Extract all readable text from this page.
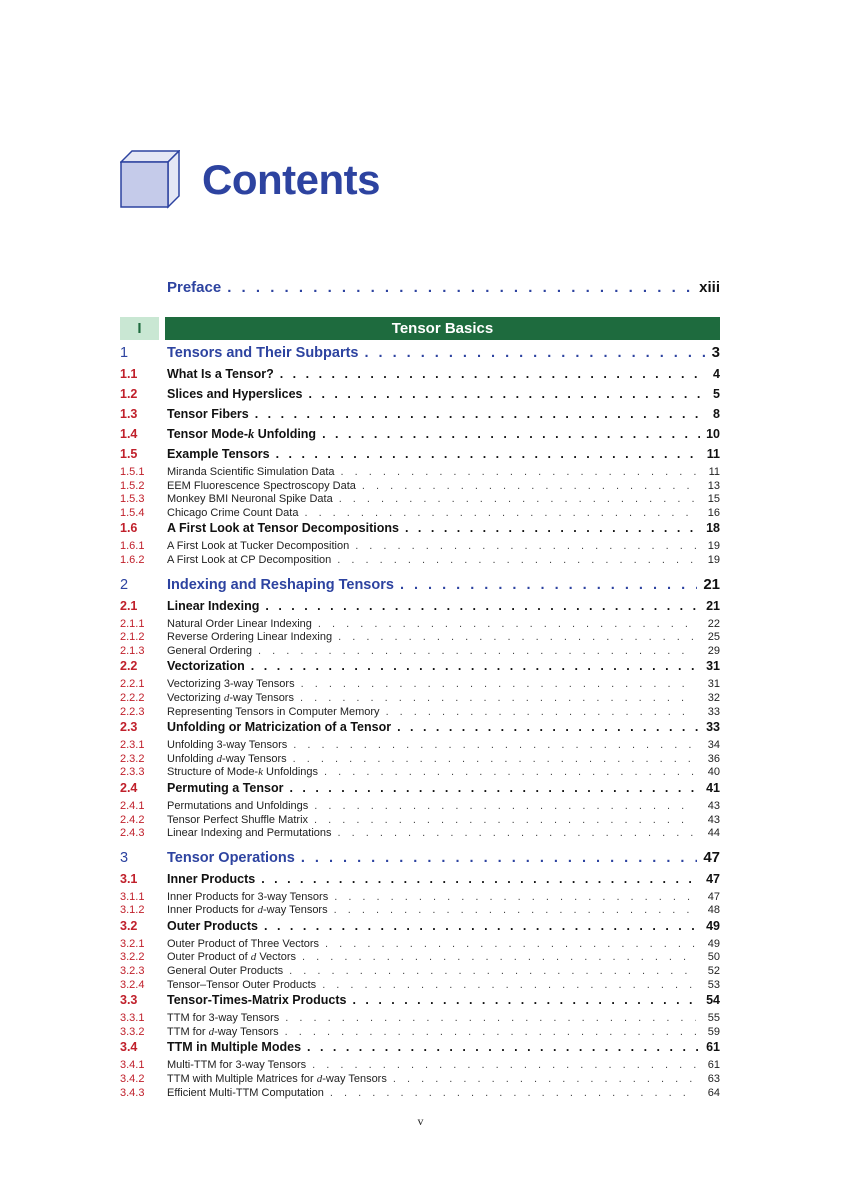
Contents
Preface . . .	xiii
I	Tensor Basics
1	Tensors and Their Subparts . . .	3
1.1	What Is a Tensor? . . .	4
1.2	Slices and Hyperslices . . .	5
1.3	Tensor Fibers . . .	8
1.4	Tensor Mode-k Unfolding . . .	10
1.5	Example Tensors . . .	11
1.5.1	Miranda Scientific Simulation Data . . .	11
1.5.2	EEM Fluorescence Spectroscopy Data . . .	13
1.5.3	Monkey BMI Neuronal Spike Data . . .	15
1.5.4	Chicago Crime Count Data . . .	16
1.6	A First Look at Tensor Decompositions . . .	18
1.6.1	A First Look at Tucker Decomposition . . .	19
1.6.2	A First Look at CP Decomposition . . .	19
2	Indexing and Reshaping Tensors . . .	21
2.1	Linear Indexing . . .	21
2.1.1	Natural Order Linear Indexing . . .	22
2.1.2	Reverse Ordering Linear Indexing . . .	25
2.1.3	General Ordering . . .	29
2.2	Vectorization . . .	31
2.2.1	Vectorizing 3-way Tensors . . .	31
2.2.2	Vectorizing d-way Tensors . . .	32
2.2.3	Representing Tensors in Computer Memory . . .	33
2.3	Unfolding or Matricization of a Tensor . . .	33
2.3.1	Unfolding 3-way Tensors . . .	34
2.3.2	Unfolding d-way Tensors . . .	36
2.3.3	Structure of Mode-k Unfoldings . . .	40
2.4	Permuting a Tensor . . .	41
2.4.1	Permutations and Unfoldings . . .	43
2.4.2	Tensor Perfect Shuffle Matrix . . .	43
2.4.3	Linear Indexing and Permutations . . .	44
3	Tensor Operations . . .	47
3.1	Inner Products . . .	47
3.1.1	Inner Products for 3-way Tensors . . .	47
3.1.2	Inner Products for d-way Tensors . . .	48
3.2	Outer Products . . .	49
3.2.1	Outer Product of Three Vectors . . .	49
3.2.2	Outer Product of d Vectors . . .	50
3.2.3	General Outer Products . . .	52
3.2.4	Tensor–Tensor Outer Products . . .	53
3.3	Tensor-Times-Matrix Products . . .	54
3.3.1	TTM for 3-way Tensors . . .	55
3.3.2	TTM for d-way Tensors . . .	59
3.4	TTM in Multiple Modes . . .	61
3.4.1	Multi-TTM for 3-way Tensors . . .	61
3.4.2	TTM with Multiple Matrices for d-way Tensors . . .	63
3.4.3	Efficient Multi-TTM Computation . . .	64
v
